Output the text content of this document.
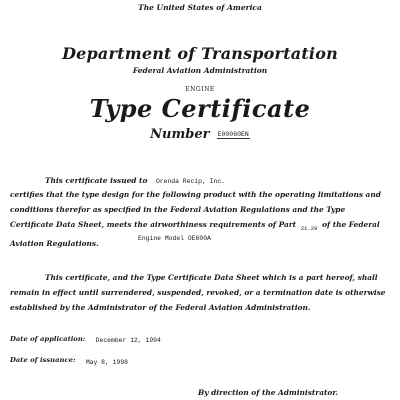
The United States of America
Department of Transportation
Federal Aviation Administration
ENGINE
Type Certificate
Number E00060EN
This certificate issued to Orenda Recip, Inc.
certifies that the type design for the following product with the operating limitations and
conditions therefor as specified in the Federal Aviation Regulations and the Type
Certificate Data Sheet, meets the airworthiness requirements of Part $_{21.29}$ of the Federal
Aviation Regulations.
Engine Model OE600A
This certificate, and the Type Certificate Data Sheet which is a part hereof, shall
remain in effect until surrendered, suspended, revoked, or a termination date is otherwise
established by the Administrator of the Federal Aviation Administration.
Date of application: December 12, 1994
Date of issuance: May 8, 1998
By direction of the Administrator.
